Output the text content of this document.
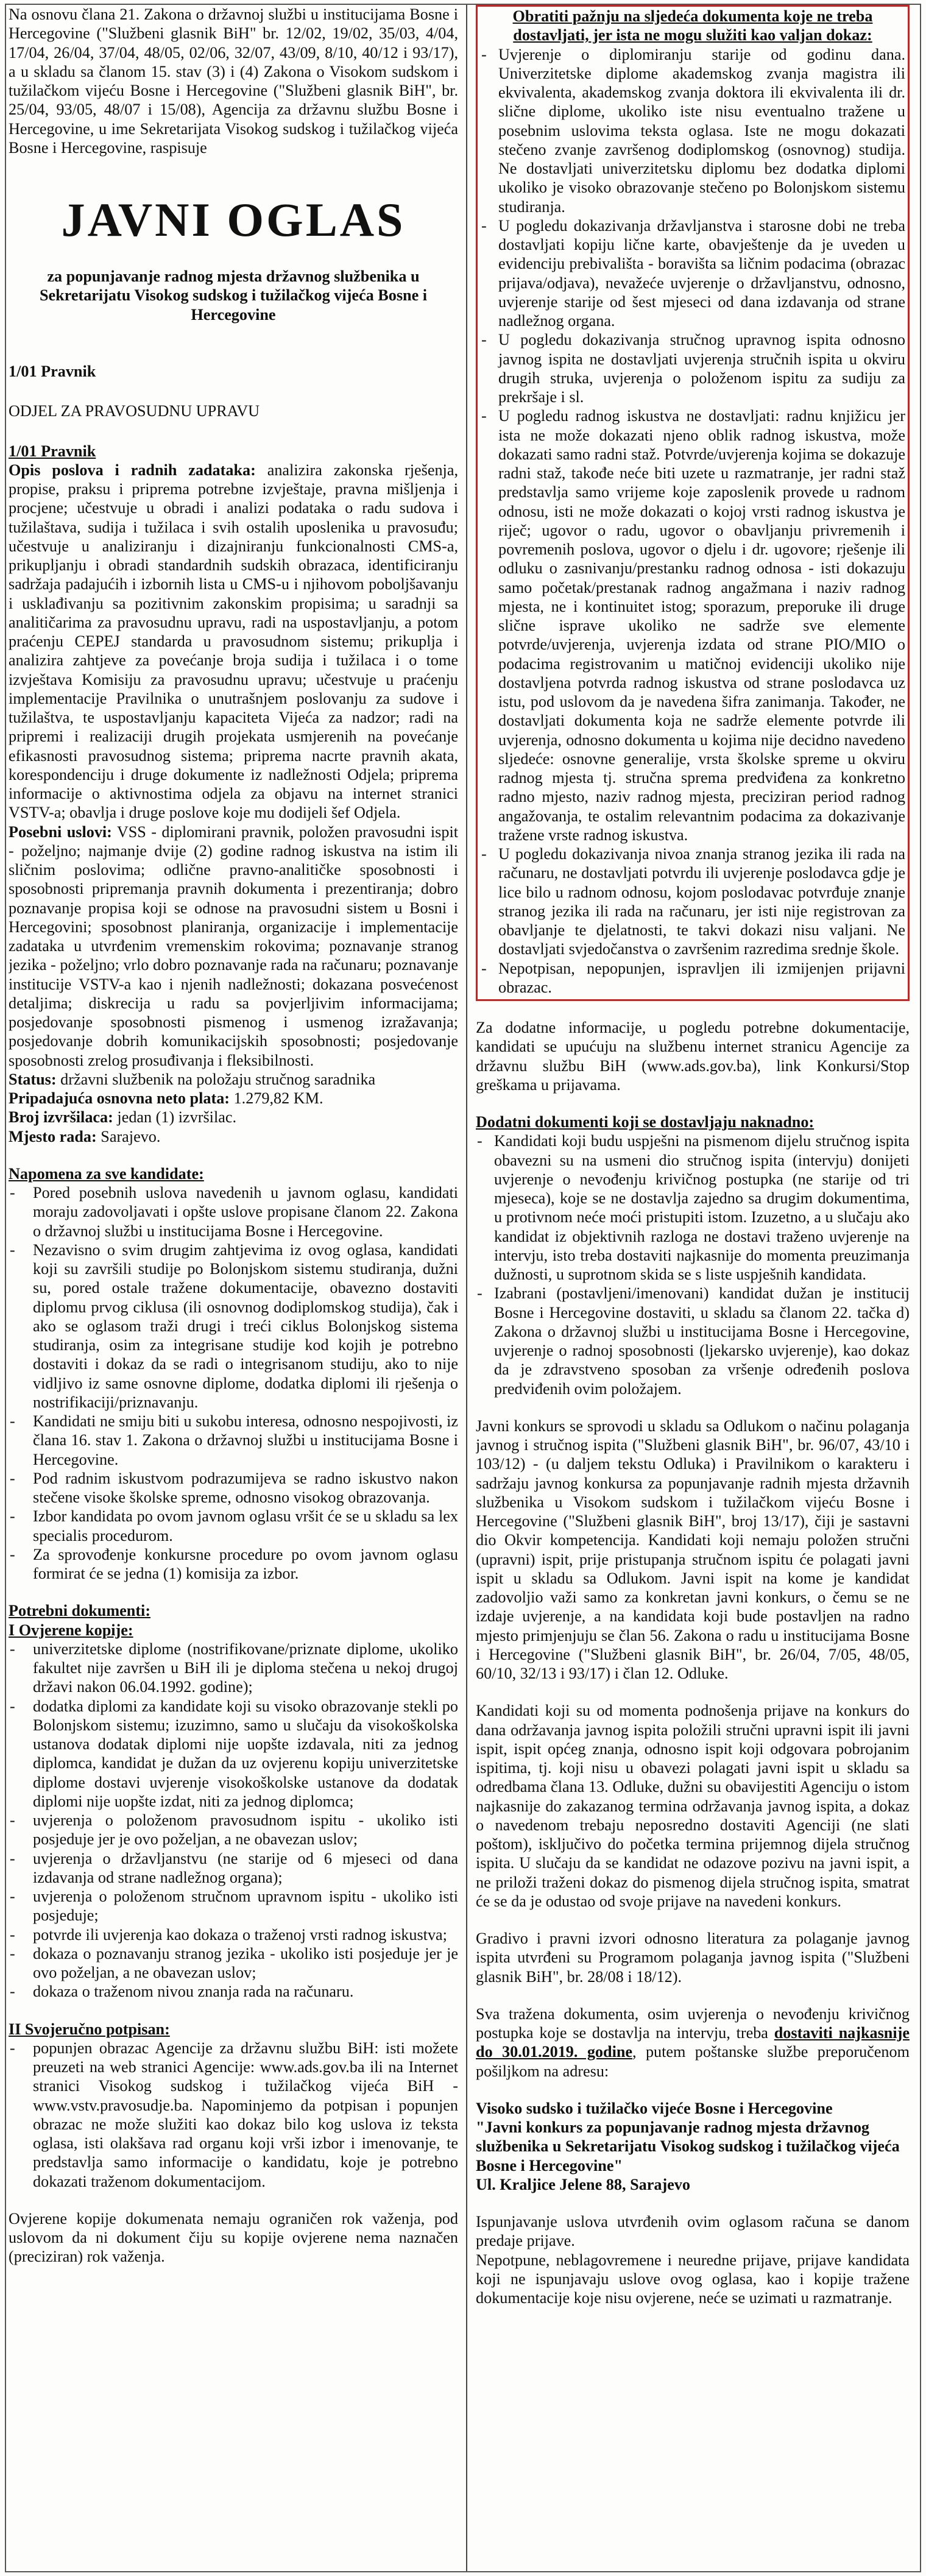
Na osnovu člana 21. Zakona o državnoj službi u institucijama Bosne i Hercegovine ("Službeni glasnik BiH" br. 12/02, 19/02, 35/03, 4/04, 17/04, 26/04, 37/04, 48/05, 02/06, 32/07, 43/09, 8/10, 40/12 i 93/17), a u skladu sa članom 15. stav (3) i (4) Zakona o Visokom sudskom i tužilačkom vijeću Bosne i Hercegovine ("Službeni glasnik BiH", br. 25/04, 93/05, 48/07 i 15/08), Agencija za državnu službu Bosne i Hercegovine, u ime Sekretarijata Visokog sudskog i tužilačkog vijeća Bosne i Hercegovine, raspisuje

JAVNI OGLAS
za popunjavanje radnog mjesta državnog službenika u Sekretarijatu Visokog sudskog i tužilačkog vijeća Bosne i Hercegovine

1/01 Pravnik

ODJEL ZA PRAVOSUDNU UPRAVU

1/01 Pravnik

Opis poslova i radnih zadataka: analizira zakonska rješenja, propise, praksu i priprema potrebne izvještaje, pravna mišljenja i procjene; učestvuje u obradi i analizi podataka o radu sudova i tužilaštava, sudija i tužilaca i svih ostalih uposlenika u pravosuđu; učestvuje u analiziranju i dizajniranju funkcionalnosti CMS-a, prikupljanju i obradi standardnih sudskih obrazaca, identificiranju sadržaja padajućih i izbornih lista u CMS-u i njihovom poboljšavanju i usklađivanju sa pozitivnim zakonskim propisima; u saradnji sa analitičarima za pravosudnu upravu, radi na uspostavljanju, a potom praćenju CEPEJ standarda u pravosudnom sistemu; prikuplja i analizira zahtjeve za povećanje broja sudija i tužilaca i o tome izvještava Komisiju za pravosudnu upravu; učestvuje u praćenju implementacije Pravilnika o unutrašnjem poslovanju za sudove i tužilaštva, te uspostavljanju kapaciteta Vijeća za nadzor; radi na pripremi i realizaciji drugih projekata usmjerenih na povećanje efikasnosti pravosudnog sistema; priprema nacrte pravnih akata, korespondenciju i druge dokumente iz nadležnosti Odjela; priprema informacije o aktivnostima odjela za objavu na internet stranici VSTV-a; obavlja i druge poslove koje mu dodijeli šef Odjela.

Posebni uslovi: VSS - diplomirani pravnik, položen pravosudni ispit - poželjno; najmanje dvije (2) godine radnog iskustva na istim ili sličnim poslovima; odlične pravno-analitičke sposobnosti i sposobnosti pripremanja pravnih dokumenta i prezentiranja; dobro poznavanje propisa koji se odnose na pravosudni sistem u Bosni i Hercegovini; sposobnost planiranja, organizacije i implementacije zadataka u utvrđenim vremenskim rokovima; poznavanje stranog jezika - poželjno; vrlo dobro poznavanje rada na računaru; poznavanje institucije VSTV-a kao i njenih nadležnosti; dokazana posvećenost detaljima; diskrecija u radu sa povjerljivim informacijama; posjedovanje sposobnosti pismenog i usmenog izražavanja; posjedovanje dobrih komunikacijskih sposobnosti; posjedovanje sposobnosti zrelog prosuđivanja i fleksibilnosti.

Status: državni službenik na položaju stručnog saradnika

Pripadajuća osnovna neto plata: 1.279,82 KM.

Broj izvršilaca: jedan (1) izvršilac.

Mjesto rada: Sarajevo.

Napomena za sve kandidate:

- Pored posebnih uslova navedenih u javnom oglasu, kandidati moraju zadovoljavati i opšte uslove propisane članom 22. Zakona o državnoj službi u institucijama Bosne i Hercegovine.
- Nezavisno o svim drugim zahtjevima iz ovog oglasa, kandidati koji su završili studije po Bolonjskom sistemu studiranja, dužni su, pored ostale tražene dokumentacije, obavezno dostaviti diplomu prvog ciklusa (ili osnovnog dodiplomskog studija), čak i ako se oglasom traži drugi i treći ciklus Bolonjskog sistema studiranja, osim za integrisane studije kod kojih je potrebno dostaviti i dokaz da se radi o integrisanom studiju, ako to nije vidljivo iz same osnovne diplome, dodatka diplomi ili rješenja o nostrifikaciji/priznavanju.
- Kandidati ne smiju biti u sukobu interesa, odnosno nespojivosti, iz člana 16. stav 1. Zakona o državnoj službi u institucijama Bosne i Hercegovine.
- Pod radnim iskustvom podrazumijeva se radno iskustvo nakon stečene visoke školske spreme, odnosno visokog obrazovanja.
- Izbor kandidata po ovom javnom oglasu vršit će se u skladu sa lex specialis procedurom.
- Za sprovođenje konkursne procedure po ovom javnom oglasu formirat će se jedna (1) komisija za izbor.

Potrebni dokumenti:

I Ovjerene kopije:

- univerzitetske diplome (nostrifikovane/priznate diplome, ukoliko fakultet nije završen u BiH ili je diploma stečena u nekoj drugoj državi nakon 06.04.1992. godine);
- dodatka diplomi za kandidate koji su visoko obrazovanje stekli po Bolonjskom sistemu; izuzimno, samo u slučaju da visokoškolska ustanova dodatak diplomi nije uopšte izdavala, niti za jednog diplomca, kandidat je dužan da uz ovjerenu kopiju univerzitetske diplome dostavi uvjerenje visokoškolske ustanove da dodatak diplomi nije uopšte izdat, niti za jednog diplomca;
- uvjerenja o položenom pravosudnom ispitu - ukoliko isti posjeduje jer je ovo poželjan, a ne obavezan uslov;
- uvjerenja o državljanstvu (ne starije od 6 mjeseci od dana izdavanja od strane nadležnog organa);
- uvjerenja o položenom stručnom upravnom ispitu - ukoliko isti posjeduje;
- potvrde ili uvjerenja kao dokaza o traženoj vrsti radnog iskustva;
- dokaza o poznavanju stranog jezika - ukoliko isti posjeduje jer je ovo poželjan, a ne obavezan uslov;
- dokaza o traženom nivou znanja rada na računaru.

II Svojeručno potpisan:

- popunjen obrazac Agencije za državnu službu BiH: isti možete preuzeti na web stranici Agencije: www.ads.gov.ba ili na Internet stranici Visokog sudskog i tužilačkog vijeća BiH - www.vstv.pravosudje.ba. Napominjemo da potpisan i popunjen obrazac ne može služiti kao dokaz bilo kog uslova iz teksta oglasa, isti olakšava rad organu koji vrši izbor i imenovanje, te predstavlja samo informacije o kandidatu, koje je potrebno dokazati traženom dokumentacijom.

Ovjerene kopije dokumenata nemaju ograničen rok važenja, pod uslovom da ni dokument čiju su kopije ovjerene nema naznačen (preciziran) rok važenja.

Obratiti pažnju na sljedeća dokumenta koje ne treba dostavljati, jer ista ne mogu služiti kao valjan dokaz:

- Uvjerenje o diplomiranju starije od godinu dana. Univerzitetske diplome akademskog zvanja magistra ili ekvivalenta, akademskog zvanja doktora ili ekvivalenta ili dr. slične diplome, ukoliko iste nisu eventualno tražene u posebnim uslovima teksta oglasa. Iste ne mogu dokazati stečeno zvanje završenog dodiplomskog (osnovnog) studija. Ne dostavljati univerzitetsku diplomu bez dodatka diplomi ukoliko je visoko obrazovanje stečeno po Bolonjskom sistemu studiranja.
- U pogledu dokazivanja državljanstva i starosne dobi ne treba dostavljati kopiju lične karte, obavještenje da je uveden u evidenciju prebivališta - boravišta sa ličnim podacima (obrazac prijava/odjava), nevažeće uvjerenje o državljanstvu, odnosno, uvjerenje starije od šest mjeseci od dana izdavanja od strane nadležnog organa.
- U pogledu dokazivanja stručnog upravnog ispita odnosno javnog ispita ne dostavljati uvjerenja stručnih ispita u okviru drugih struka, uvjerenja o položenom ispitu za sudiju za prekršaje i sl.
- U pogledu radnog iskustva ne dostavljati: radnu knjižicu jer ista ne može dokazati njeno oblik radnog iskustva, može dokazati samo radni staž. Potvrde/uvjerenja kojima se dokazuje radni staž, takođe neće biti uzete u razmatranje, jer radni staž predstavlja samo vrijeme koje zaposlenik provede u radnom odnosu, isti ne može dokazati o kojoj vrsti radnog iskustva je riječ; ugovor o radu, ugovor o obavljanju privremenih i povremenih poslova, ugovor o djelu i dr. ugovore; rješenje ili odluku o zasnivanju/prestanku radnog odnosa - isti dokazuju samo početak/prestanak radnog angažmana i naziv radnog mjesta, ne i kontinuitet istog; sporazum, preporuke ili druge slične isprave ukoliko ne sadrže sve elemente potvrde/uvjerenja, uvjerenja izdata od strane PIO/MIO o podacima registrovanim u matičnoj evidenciji ukoliko nije dostavljena potvrda radnog iskustva od strane poslodavca uz istu, pod uslovom da je navedena šifra zanimanja. Također, ne dostavljati dokumenta koja ne sadrže elemente potvrde ili uvjerenja, odnosno dokumenta u kojima nije decidno navedeno sljedeće: osnovne generalije, vrsta školske spreme u okviru radnog mjesta tj. stručna sprema predviđena za konkretno radno mjesto, naziv radnog mjesta, preciziran period radnog angažovanja, te ostalim relevantnim podacima za dokazivanje tražene vrste radnog iskustva.
- U pogledu dokazivanja nivoa znanja stranog jezika ili rada na računaru, ne dostavljati potvrdu ili uvjerenje poslodavca gdje je lice bilo u radnom odnosu, kojom poslodavac potvrđuje znanje stranog jezika ili rada na računaru, jer isti nije registrovan za obavljanje te djelatnosti, te takvi dokazi nisu valjani. Ne dostavljati svjedočanstva o završenim razredima srednje škole.
- Nepotpisan, nepopunjen, ispravljen ili izmijenjen prijavni obrazac.

Za dodatne informacije, u pogledu potrebne dokumentacije, kandidati se upućuju na službenu internet stranicu Agencije za državnu službu BiH (www.ads.gov.ba), link Konkursi/Stop greškama u prijavama.

Dodatni dokumenti koji se dostavljaju naknadno:

- Kandidati koji budu uspješni na pismenom dijelu stručnog ispita obavezni su na usmeni dio stručnog ispita (intervju) donijeti uvjerenje o nevođenju krivičnog postupka (ne starije od tri mjeseca), koje se ne dostavlja zajedno sa drugim dokumentima, u protivnom neće moći pristupiti istom. Izuzetno, a u slučaju ako kandidat iz objektivnih razloga ne dostavi traženo uvjerenje na intervju, isto treba dostaviti najkasnije do momenta preuzimanja dužnosti, u suprotnom skida se s liste uspješnih kandidata.
- Izabrani (postavljeni/imenovani) kandidat dužan je institucij Bosne i Hercegovine dostaviti, u skladu sa članom 22. tačka d) Zakona o državnoj službi u institucijama Bosne i Hercegovine, uvjerenje o radnoj sposobnosti (ljekarsko uvjerenje), kao dokaz da je zdravstveno sposoban za vršenje određenih poslova predviđenih ovim položajem.

Javni konkurs se sprovodi u skladu sa Odlukom o načinu polaganja javnog i stručnog ispita ("Službeni glasnik BiH", br. 96/07, 43/10 i 103/12) - (u daljem tekstu Odluka) i Pravilnikom o karakteru i sadržaju javnog konkursa za popunjavanje radnih mjesta državnih službenika u Visokom sudskom i tužilačkom vijeću Bosne i Hercegovine ("Službeni glasnik BiH", broj 13/17), čiji je sastavni dio Okvir kompetencija. Kandidati koji nemaju položen stručni (upravni) ispit, prije pristupanja stručnom ispitu će polagati javni ispit u skladu sa Odlukom. Javni ispit na kome je kandidat zadovoljio važi samo za konkretan javni konkurs, o čemu se ne izdaje uvjerenje, a na kandidata koji bude postavljen na radno mjesto primjenjuju se član 56. Zakona o radu u institucijama Bosne i Hercegovine ("Službeni glasnik BiH", br. 26/04, 7/05, 48/05, 60/10, 32/13 i 93/17) i član 12. Odluke.

Kandidati koji su od momenta podnošenja prijave na konkurs do dana održavanja javnog ispita položili stručni upravni ispit ili javni ispit, ispit općeg znanja, odnosno ispit koji odgovara pobrojanim ispitima, tj. koji nisu u obavezi polagati javni ispit u skladu sa odredbama člana 13. Odluke, dužni su obavijestiti Agenciju o istom najkasnije do zakazanog termina održavanja javnog ispita, a dokaz o navedenom trebaju neposredno dostaviti Agenciji (ne slati poštom), isključivo do početka termina prijemnog dijela stručnog ispita. U slučaju da se kandidat ne odazove pozivu na javni ispit, a ne priloži traženi dokaz do pismenog dijela stručnog ispita, smatrat će se da je odustao od svoje prijave na navedeni konkurs.

Gradivo i pravni izvori odnosno literatura za polaganje javnog ispita utvrđeni su Programom polaganja javnog ispita ("Službeni glasnik BiH", br. 28/08 i 18/12).

Sva tražena dokumenta, osim uvjerenja o nevođenju krivičnog postupka koje se dostavlja na intervju, treba dostaviti najkasnije do 30.01.2019. godine, putem poštanske službe preporučenom pošiljkom na adresu:

Visoko sudsko i tužilačko vijeće Bosne i Hercegovine

"Javni konkurs za popunjavanje radnog mjesta državnog službenika u Sekretarijatu Visokog sudskog i tužilačkog vijeća Bosne i Hercegovine"

Ul. Kraljice Jelene 88, Sarajevo

Ispunjavanje uslova utvrđenih ovim oglasom računa se danom predaje prijave.

Nepotpune, neblagovremene i neuredne prijave, prijave kandidata koji ne ispunjavaju uslove ovog oglasa, kao i kopije tražene dokumentacije koje nisu ovjerene, neće se uzimati u razmatranje.
